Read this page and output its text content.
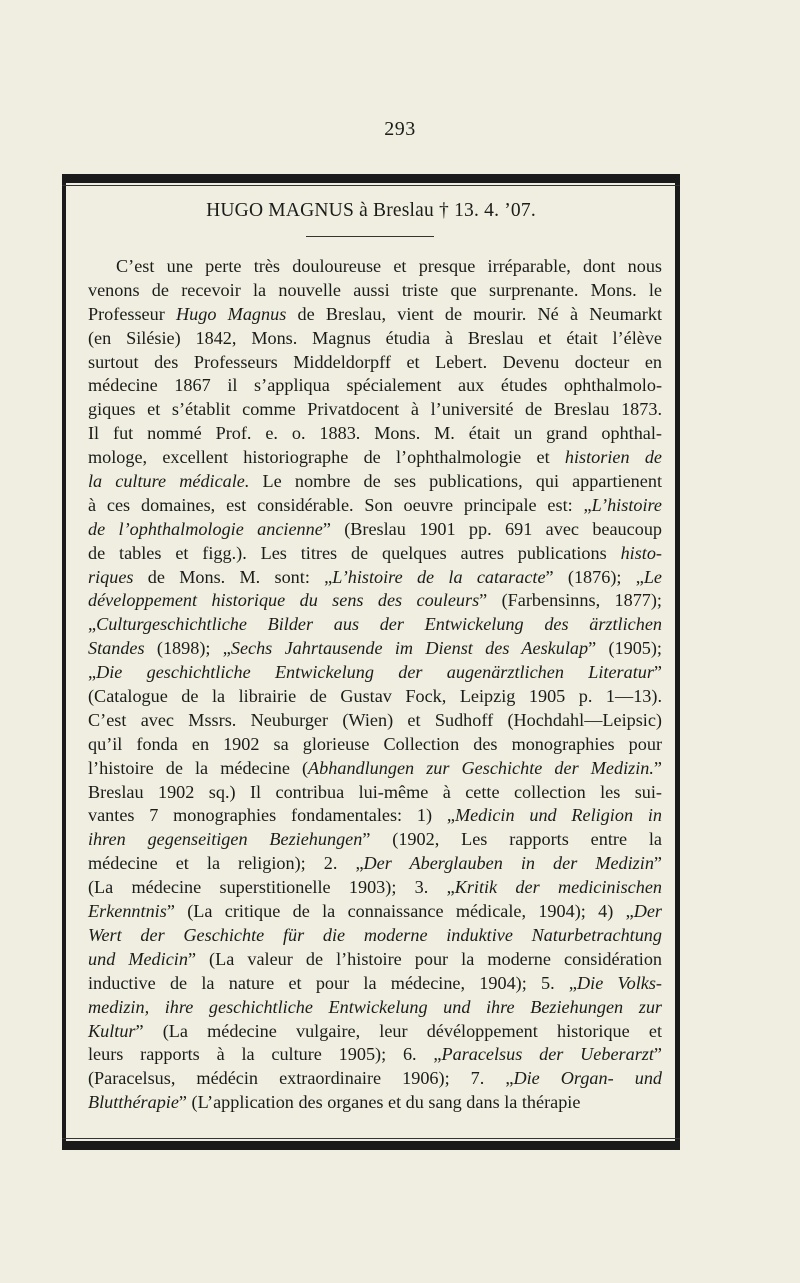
293
HUGO MAGNUS à Breslau † 13. 4. ’07.
C’est une perte très douloureuse et presque irréparable, dont nous
venons de recevoir la nouvelle aussi triste que surprenante. Mons. le
Professeur Hugo Magnus de Breslau, vient de mourir. Né à Neumarkt
(en Silésie) 1842, Mons. Magnus étudia à Breslau et était l’élève
surtout des Professeurs Middeldorpff et Lebert. Devenu docteur en
médecine 1867 il s’appliqua spécialement aux études ophthalmolo-
giques et s’établit comme Privatdocent à l’université de Breslau 1873.
Il fut nommé Prof. e. o. 1883. Mons. M. était un grand ophthal-
mologe, excellent historiographe de l’ophthalmologie et historien de
la culture médicale. Le nombre de ses publications, qui appartienent
à ces domaines, est considérable. Son oeuvre principale est: „L’histoire
de l’ophthalmologie ancienne” (Breslau 1901 pp. 691 avec beaucoup
de tables et figg.). Les titres de quelques autres publications histo-
riques de Mons. M. sont: „L’histoire de la cataracte” (1876); „Le
développement historique du sens des couleurs” (Farbensinns, 1877);
„Culturgeschichtliche Bilder aus der Entwickelung des ärztlichen
Standes (1898); „Sechs Jahrtausende im Dienst des Aeskulap” (1905);
„Die geschichtliche Entwickelung der augenärztlichen Literatur”
(Catalogue de la librairie de Gustav Fock, Leipzig 1905 p. 1—13).
C’est avec Mssrs. Neuburger (Wien) et Sudhoff (Hochdahl—Leipsic)
qu’il fonda en 1902 sa glorieuse Collection des monographies pour
l’histoire de la médecine (Abhandlungen zur Geschichte der Medizin.”
Breslau 1902 sq.) Il contribua lui-même à cette collection les sui-
vantes 7 monographies fondamentales: 1) „Medicin und Religion in
ihren gegenseitigen Beziehungen” (1902, Les rapports entre la
médecine et la religion); 2. „Der Aberglauben in der Medizin”
(La médecine superstitionelle 1903); 3. „Kritik der medicinischen
Erkenntnis” (La critique de la connaissance médicale, 1904); 4) „Der
Wert der Geschichte für die moderne induktive Naturbetrachtung
und Medicin” (La valeur de l’histoire pour la moderne considération
inductive de la nature et pour la médecine, 1904); 5. „Die Volks-
medizin, ihre geschichtliche Entwickelung und ihre Beziehungen zur
Kultur” (La médecine vulgaire, leur dévéloppement historique et
leurs rapports à la culture 1905); 6. „Paracelsus der Ueberarzt”
(Paracelsus, médécin extraordinaire 1906); 7. „Die Organ- und
Blutthérapie” (L’application des organes et du sang dans la thérapie
